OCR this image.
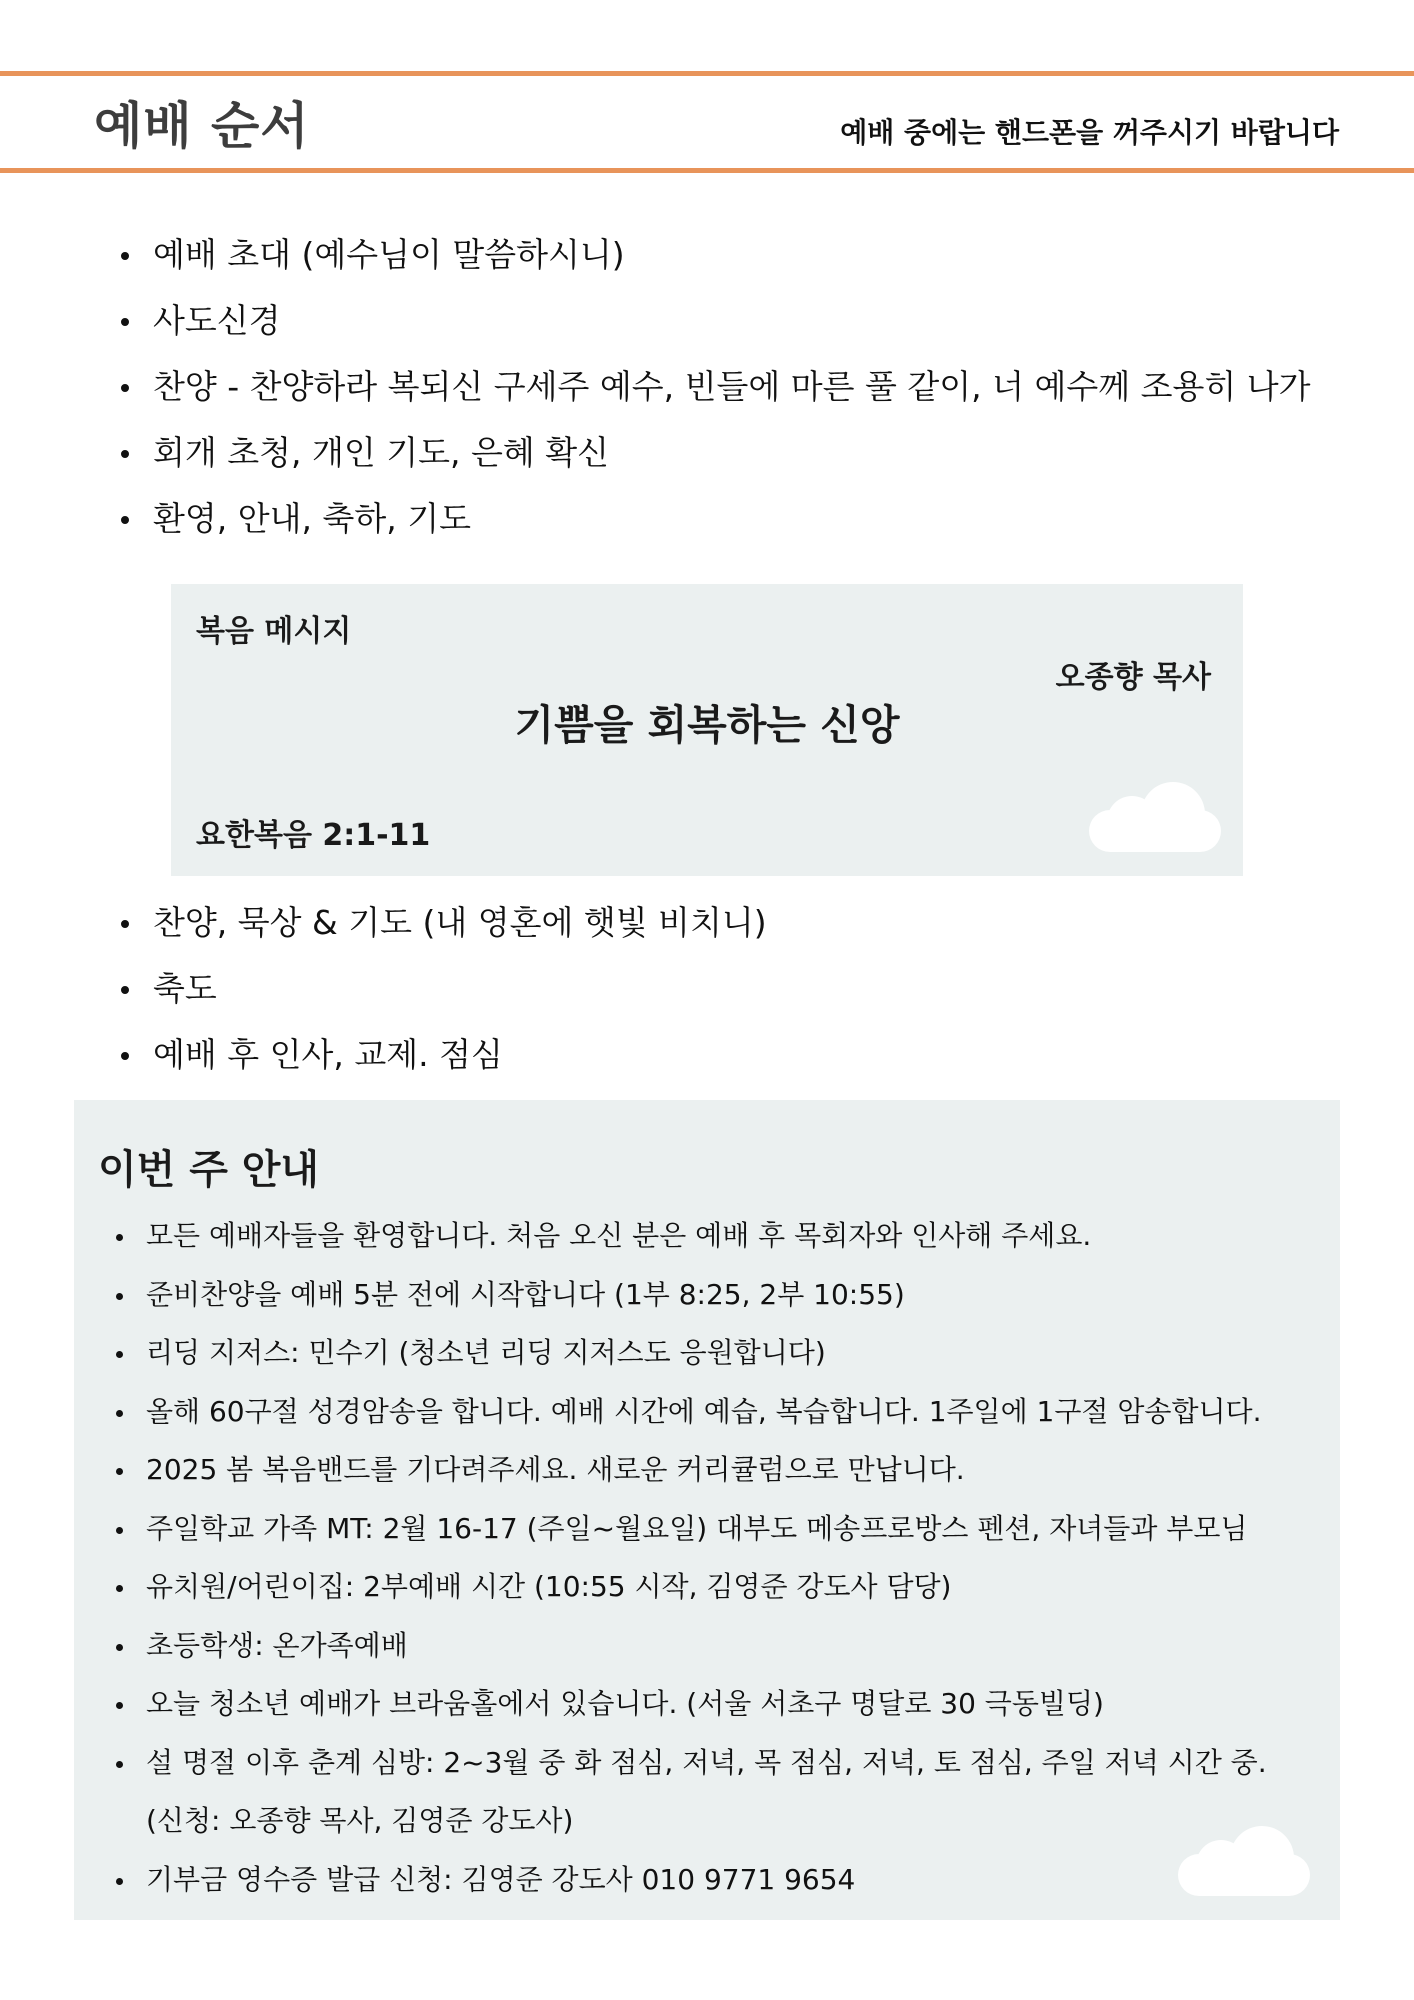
예배 순서	예배 중에는 핸드폰을 꺼주시기 바랍니다
예배 초대 (예수님이 말씀하시니)
사도신경
찬양 - 찬양하라 복되신 구세주 예수, 빈들에 마른 풀 같이, 너 예수께 조용히 나가
회개 초청, 개인 기도, 은혜 확신
환영, 안내, 축하, 기도
복음 메시지
오종향 목사
기쁨을 회복하는 신앙
요한복음 2:1-11
찬양, 묵상 & 기도 (내 영혼에 햇빛 비치니)
축도
예배 후 인사, 교제. 점심
이번 주 안내
모든 예배자들을 환영합니다. 처음 오신 분은 예배 후 목회자와 인사해 주세요.
준비찬양을 예배 5분 전에 시작합니다 (1부 8:25, 2부 10:55)
리딩 지저스: 민수기 (청소년 리딩 지저스도 응원합니다)
올해 60구절 성경암송을 합니다. 예배 시간에 예습, 복습합니다. 1주일에 1구절 암송합니다.
2025 봄 복음밴드를 기다려주세요. 새로운 커리큘럼으로 만납니다.
주일학교 가족 MT: 2월 16-17 (주일~월요일) 대부도 메송프로방스 펜션, 자녀들과 부모님
유치원/어린이집: 2부예배 시간 (10:55 시작, 김영준 강도사 담당)
초등학생: 온가족예배
오늘 청소년 예배가 브라움홀에서 있습니다. (서울 서초구 명달로 30 극동빌딩)
설 명절 이후 춘계 심방: 2~3월 중 화 점심, 저녁, 목 점심, 저녁, 토 점심, 주일 저녁 시간 중.
(신청: 오종향 목사, 김영준 강도사)
기부금 영수증 발급 신청: 김영준 강도사 010 9771 9654
